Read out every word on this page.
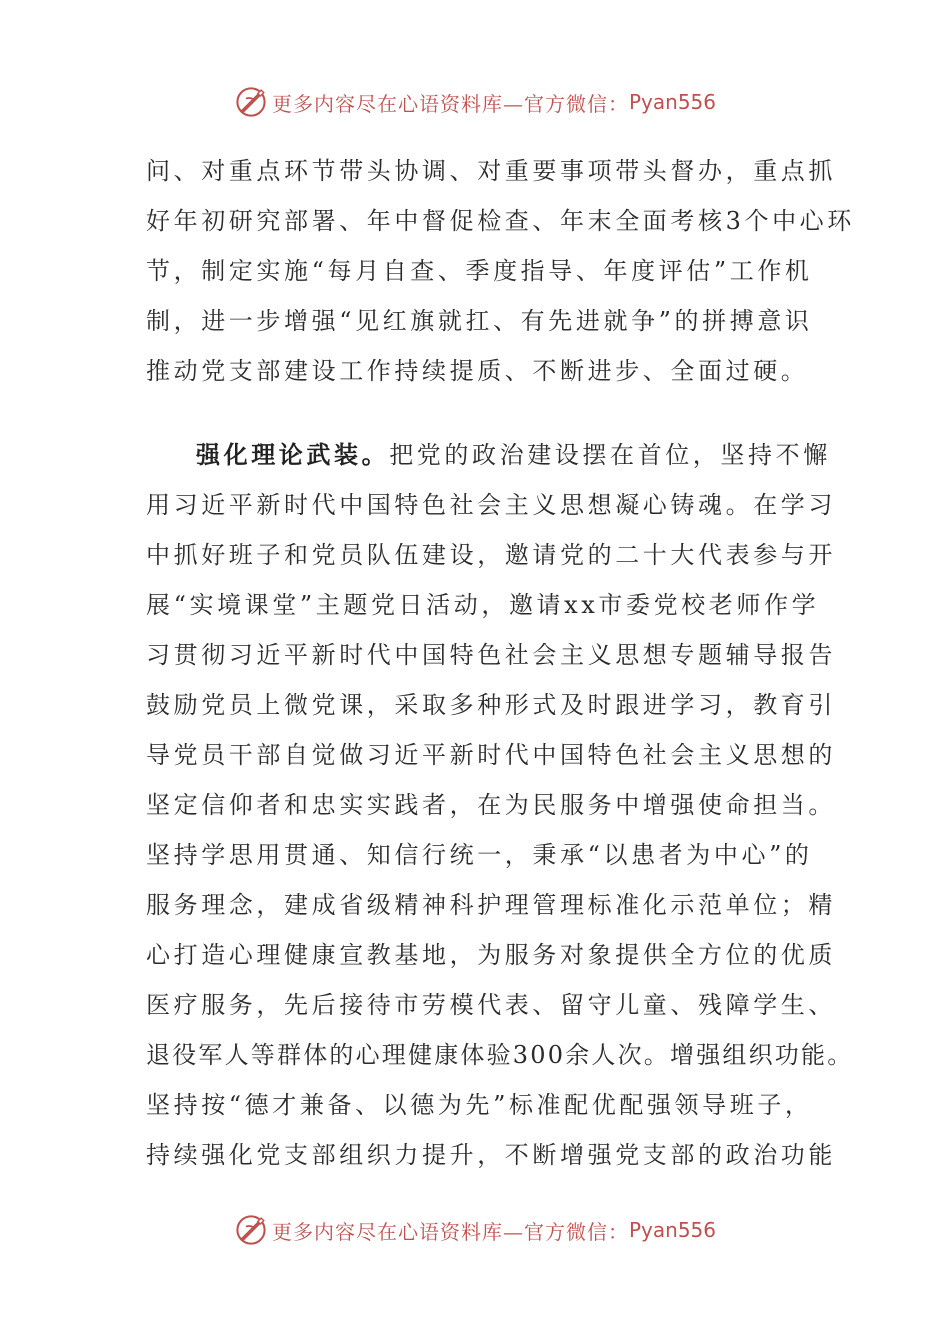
更多内容尽在心语资料库—官方微信： Pyan556
问、对重点环节带头协调、对重要事项带头督办，重点抓
好年初研究部署、年中督促检查、年末全面考核3个中心环
节，制定实施“每月自查、季度指导、年度评估”工作机
制，进一步增强“见红旗就扛、有先进就争”的拼搏意识
推动党支部建设工作持续提质、不断进步、全面过硬。
强化理论武装。把党的政治建设摆在首位，坚持不懈
用习近平新时代中国特色社会主义思想凝心铸魂。在学习
中抓好班子和党员队伍建设，邀请党的二十大代表参与开
展“实境课堂”主题党日活动，邀请xx市委党校老师作学
习贯彻习近平新时代中国特色社会主义思想专题辅导报告
鼓励党员上微党课，采取多种形式及时跟进学习，教育引
导党员干部自觉做习近平新时代中国特色社会主义思想的
坚定信仰者和忠实实践者，在为民服务中增强使命担当。
坚持学思用贯通、知信行统一，秉承“以患者为中心”的
服务理念，建成省级精神科护理管理标准化示范单位；精
心打造心理健康宣教基地，为服务对象提供全方位的优质
医疗服务，先后接待市劳模代表、留守儿童、残障学生、
退役军人等群体的心理健康体验300余人次。增强组织功能。
坚持按“德才兼备、以德为先”标准配优配强领导班子，
持续强化党支部组织力提升，不断增强党支部的政治功能
更多内容尽在心语资料库—官方微信： Pyan556
